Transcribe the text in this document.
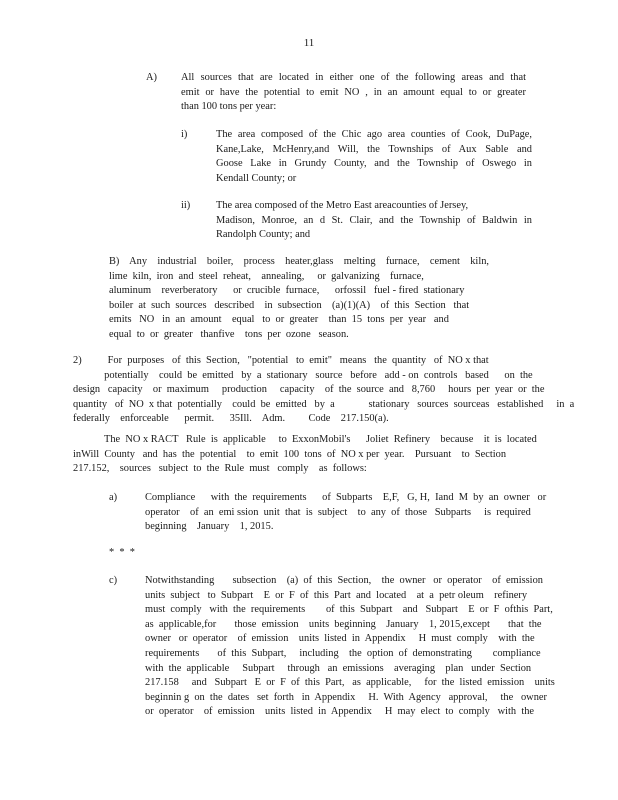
11
A) All sources that are located in either one of the following areas and that
emit or have the potential to emit NO , in an amount equal to or greater
than 100 tons per year:
i)	The area composed of the Chic ago area counties of Cook, DuPage,
Kane,Lake, McHenry,and Will, the Townships of Aux Sable and
Goose Lake in Grundy County, and the Township of Oswego in
Kendall County; or
ii) The area composed of the Metro East areacounties of Jersey,
Madison, Monroe, an d St. Clair, and the Township of Baldwin in
Randolph County; and
B) Any industrial boiler, process heater,glass melting furnace, cement kiln,
lime  kiln,  iron  and  steel  reheat,    annealing,     or  galvanizing    furnace,
aluminum    reverberatory      or  crucible  furnace,      orfossil   fuel - fired  stationary
boiler  at  such  sources   described    in  subsection    (a)(1)(A)    of  this  Section   that
emits   NO   in  an  amount    equal   to  or  greater    than  15  tons  per  year   and
equal  to  or  greater   thanfive    tons  per  ozone   season.
2)          For  purposes   of  this  Section,   "potential   to  emit"   means   the  quantity   of  NO x that
potentially    could  be  emitted   by  a  stationary   source   before   add - on  controls   based      on  the
design   capacity    or  maximum     production     capacity    of  the  source  and   8,760     hours  per  year  or  the
quantity   of  NO  x that  potentially    could  be  emitted   by  a             stationary   sources  sourceas   established     in  a
federally    enforceable      permit.      35Ill.    Adm.         Code    217.150(a).
The  NO x RACT   Rule  is  applicable     to  ExxonMobil's      Joliet  Refinery    because    it  is  located
inWill  County   and  has  the  potential    to  emit  100  tons  of  NO x per  year.    Pursuant    to  Section
217.152,    sources   subject  to  the  Rule  must   comply    as  follows:
a)	Compliance      with  the  requirements      of  Subparts    E,F,   G, H,  Iand  M  by  an  owner   or
operator    of  an  emi ssion  unit  that  is  subject    to  any  of  those   Subparts     is  required
beginning    January    1, 2015.
*  *  *
c)	Notwithstanding       subsection    (a)  of  this  Section,    the  owner   or  operator    of  emission
units  subject   to  Subpart    E  or  F  of  this  Part  and  located    at  a  petr oleum    refinery
must  comply   with  the  requirements        of  this  Subpart    and   Subpart    E  or  F  ofthis  Part,
as  applicable,for       those  emission    units  beginning    January    1, 2015,except       that  the
owner   or  operator    of  emission    units  listed  in  Appendix     H  must  comply    with  the
requirements       of  this  Subpart,     including    the  option  of  demonstrating        compliance
with  the  applicable     Subpart     through   an  emissions    averaging    plan   under  Section
217.158     and   Subpart   E  or  F  of  this  Part,   as  applicable,     for  the  listed  emission    units
beginnin g  on  the  dates   set  forth   in  Appendix     H.  With  Agency   approval,     the   owner
or  operator    of  emission    units  listed  in  Appendix     H  may  elect  to  comply   with  the
